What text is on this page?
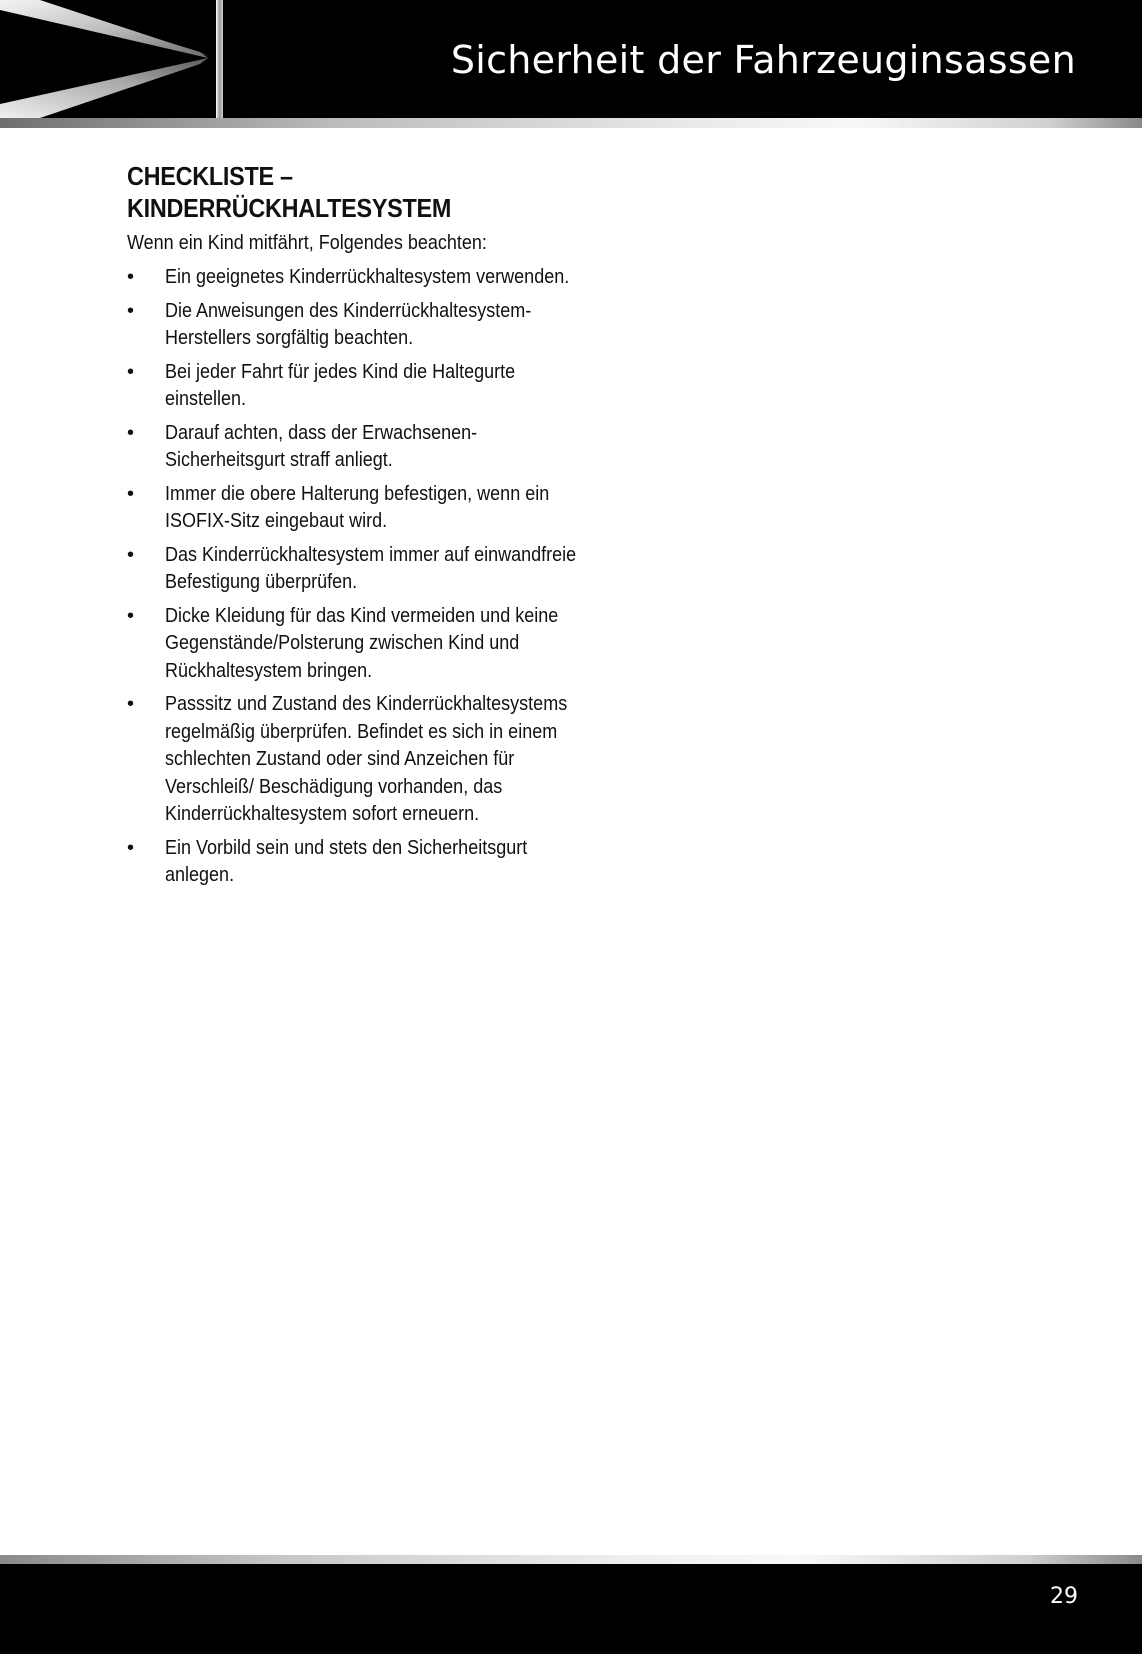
Sicherheit der Fahrzeuginsassen
CHECKLISTE –
KINDERRÜCKHALTESYSTEM

Wenn ein Kind mitfährt, Folgendes beachten:

• Ein geeignetes Kinderrückhaltesystem verwenden.
• Die Anweisungen des Kinderrückhaltesystem-Herstellers sorgfältig beachten.
• Bei jeder Fahrt für jedes Kind die Haltegurte einstellen.
• Darauf achten, dass der Erwachsenen-Sicherheitsgurt straff anliegt.
• Immer die obere Halterung befestigen, wenn ein ISOFIX-Sitz eingebaut wird.
• Das Kinderrückhaltesystem immer auf einwandfreie Befestigung überprüfen.
• Dicke Kleidung für das Kind vermeiden und keine Gegenstände/Polsterung zwischen Kind und Rückhaltesystem bringen.
• Passsitz und Zustand des Kinderrückhaltesystems regelmäßig überprüfen. Befindet es sich in einem schlechten Zustand oder sind Anzeichen für Verschleiß/ Beschädigung vorhanden, das Kinderrückhaltesystem sofort erneuern.
• Ein Vorbild sein und stets den Sicherheitsgurt anlegen.
29
